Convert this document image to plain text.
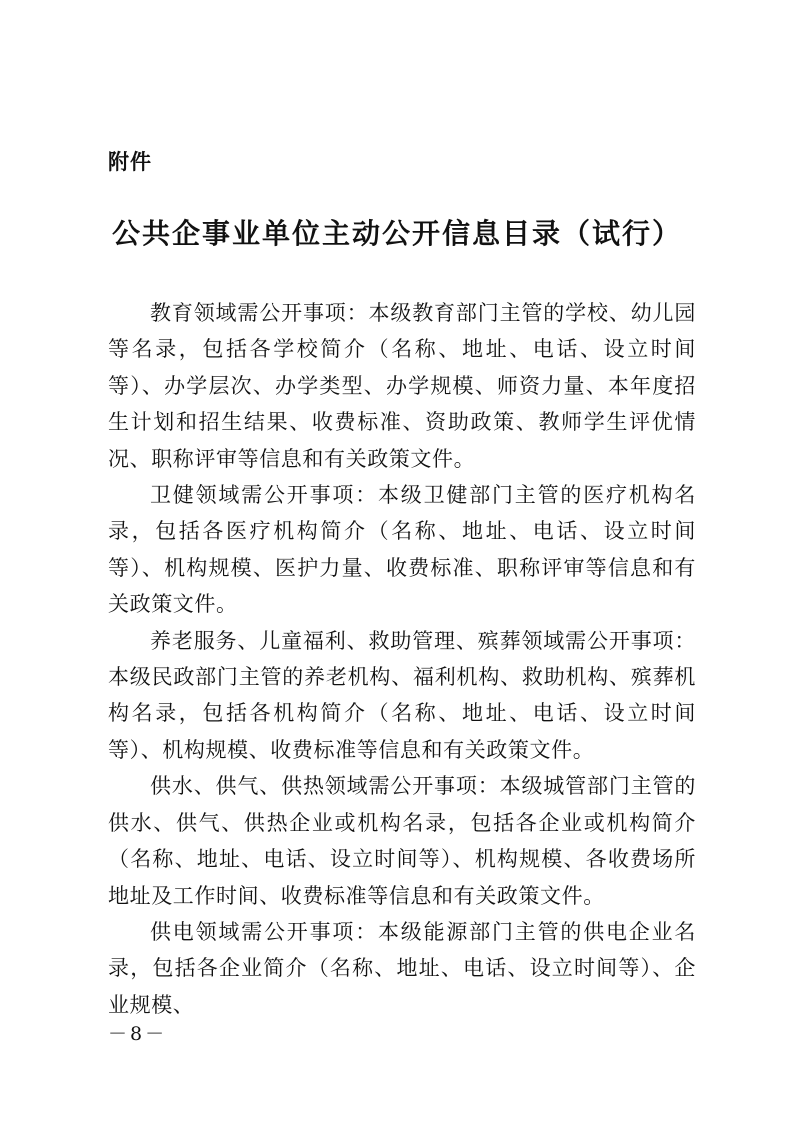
附件
公共企事业单位主动公开信息目录（试行）

教育领域需公开事项：本级教育部门主管的学校、幼儿园等名录，包括各学校简介（名称、地址、电话、设立时间等）、办学层次、办学类型、办学规模、师资力量、本年度招生计划和招生结果、收费标准、资助政策、教师学生评优情况、职称评审等信息和有关政策文件。

卫健领域需公开事项：本级卫健部门主管的医疗机构名录，包括各医疗机构简介（名称、地址、电话、设立时间等）、机构规模、医护力量、收费标准、职称评审等信息和有关政策文件。

养老服务、儿童福利、救助管理、殡葬领域需公开事项：本级民政部门主管的养老机构、福利机构、救助机构、殡葬机构名录，包括各机构简介（名称、地址、电话、设立时间等）、机构规模、收费标准等信息和有关政策文件。

供水、供气、供热领域需公开事项：本级城管部门主管的供水、供气、供热企业或机构名录，包括各企业或机构简介（名称、地址、电话、设立时间等）、机构规模、各收费场所地址及工作时间、收费标准等信息和有关政策文件。

供电领域需公开事项：本级能源部门主管的供电企业名录，包括各企业简介（名称、地址、电话、设立时间等）、企业规模、

－8－
